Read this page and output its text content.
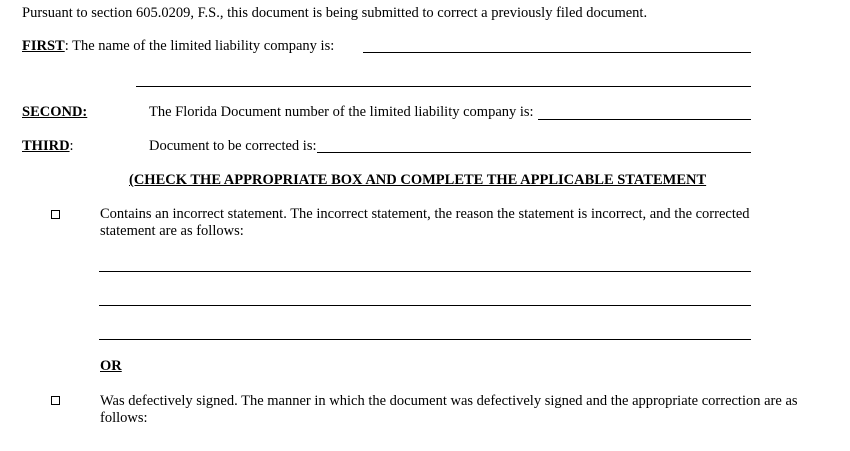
Pursuant to section 605.0209, F.S., this document is being submitted to correct a previously filed document.
FIRST: The name of the limited liability company is:
SECOND:	The Florida Document number of the limited liability company is:
THIRD:	Document to be corrected is:
(CHECK THE APPROPRIATE BOX AND COMPLETE THE APPLICABLE STATEMENT
Contains an incorrect statement. The incorrect statement, the reason the statement is incorrect, and the corrected statement are as follows:
OR
Was defectively signed. The manner in which the document was defectively signed and the appropriate correction are as follows:
